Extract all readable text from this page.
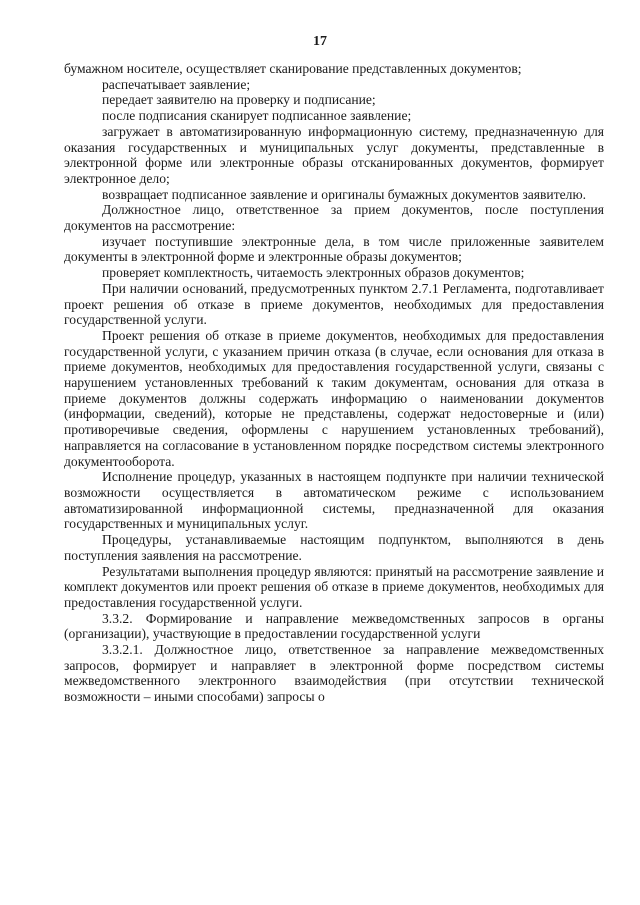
17

бумажном носителе, осуществляет сканирование представленных документов;

распечатывает заявление;

передает заявителю на проверку и подписание;

после подписания сканирует подписанное заявление;

загружает в автоматизированную информационную систему, предназначенную для оказания государственных и муниципальных услуг документы, представленные в электронной форме или электронные образы отсканированных документов, формирует электронное дело;

возвращает подписанное заявление и оригиналы бумажных документов заявителю.

Должностное лицо, ответственное за прием документов, после поступления документов на рассмотрение:

изучает поступившие электронные дела, в том числе приложенные заявителем документы в электронной форме и электронные образы документов;

проверяет комплектность, читаемость электронных образов документов;

При наличии оснований, предусмотренных пунктом 2.7.1 Регламента, подготавливает проект решения об отказе в приеме документов, необходимых для предоставления государственной услуги.

Проект решения об отказе в приеме документов, необходимых для предоставления государственной услуги, с указанием причин отказа (в случае, если основания для отказа в приеме документов, необходимых для предоставления государственной услуги, связаны с нарушением установленных требований к таким документам, основания для отказа в приеме документов должны содержать информацию о наименовании документов (информации, сведений), которые не представлены, содержат недостоверные и (или) противоречивые сведения, оформлены с нарушением установленных требований), направляется на согласование в установленном порядке посредством системы электронного документооборота.

Исполнение процедур, указанных в настоящем подпункте при наличии технической возможности осуществляется в автоматическом режиме с использованием автоматизированной информационной системы, предназначенной для оказания государственных и муниципальных услуг.

Процедуры, устанавливаемые настоящим подпунктом, выполняются в день поступления заявления на рассмотрение.

Результатами выполнения процедур являются: принятый на рассмотрение заявление и комплект документов или проект решения об отказе в приеме документов, необходимых для предоставления государственной услуги.

3.3.2. Формирование и направление межведомственных запросов в органы (организации), участвующие в предоставлении государственной услуги

3.3.2.1. Должностное лицо, ответственное за направление межведомственных запросов, формирует и направляет в электронной форме посредством системы межведомственного электронного взаимодействия (при отсутствии технической возможности – иными способами) запросы о
